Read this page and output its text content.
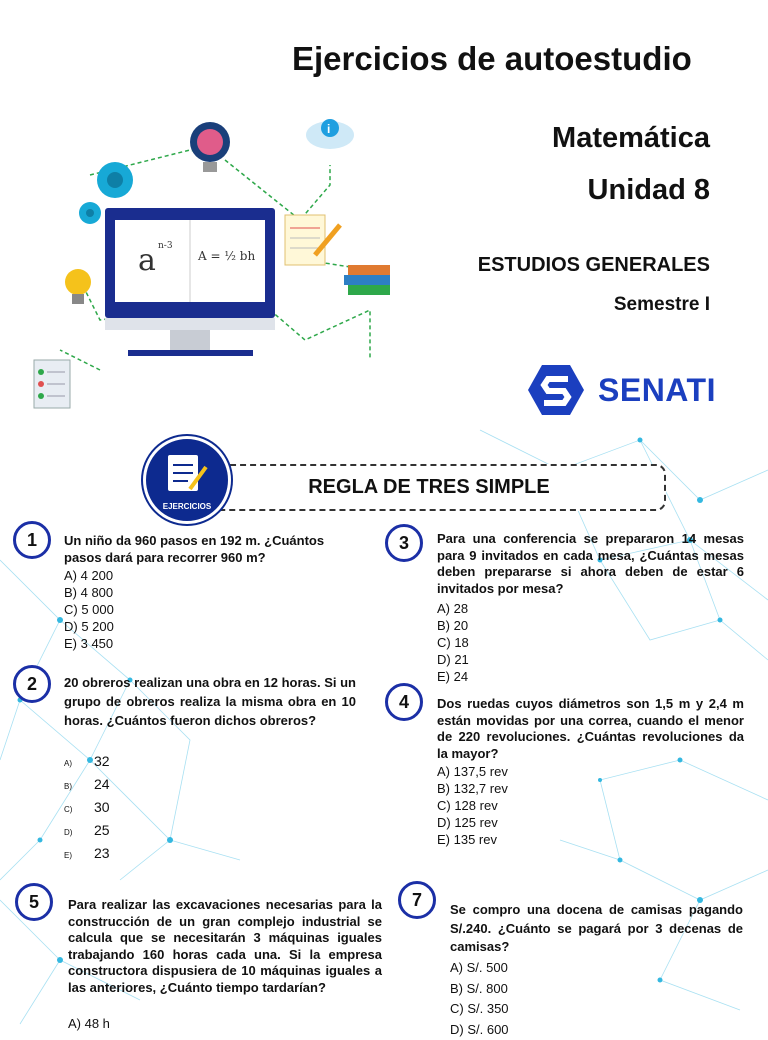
Ejercicios de autoestudio
Matemática
Unidad 8
ESTUDIOS GENERALES
Semestre I
SENATI
i
a n-3
A = ½ bh
REGLA DE TRES SIMPLE
EJERCICIOS
1	Un niño da 960 pasos en 192 m. ¿Cuántos pasos dará para recorrer 960 m?
A) 4 200
B) 4 800
C) 5 000
D) 5 200
E) 3 450
2	20 obreros realizan una obra en 12 horas. Si un grupo de obreros realiza la misma obra en 10 horas. ¿Cuántos fueron dichos obreros?
A) 32
B) 24
C) 30
D) 25
E) 23
3	Para una conferencia se prepararon 14 mesas para 9 invitados en cada mesa, ¿Cuántas mesas deben prepararse si ahora deben de estar 6 invitados por mesa?
A) 28
B) 20
C) 18
D) 21
E) 24
4	Dos ruedas cuyos diámetros son 1,5 m y 2,4 m están movidas por una correa, cuando el menor de 220 revoluciones. ¿Cuántas revoluciones da la mayor?
A) 137,5 rev
B) 132,7 rev
C) 128 rev
D) 125 rev
E) 135 rev
5	Para realizar las excavaciones necesarias para la construcción de un gran complejo industrial se calcula que se necesitarán 3 máquinas iguales trabajando 160 horas cada una. Si la empresa constructora dispusiera de 10 máquinas iguales a las anteriores, ¿Cuánto tiempo tardarían?
A) 48 h
7	Se compro una docena de camisas pagando S/.240. ¿Cuánto se pagará por 3 decenas de camisas?
A) S/. 500
B) S/. 800
C) S/. 350
D) S/. 600
